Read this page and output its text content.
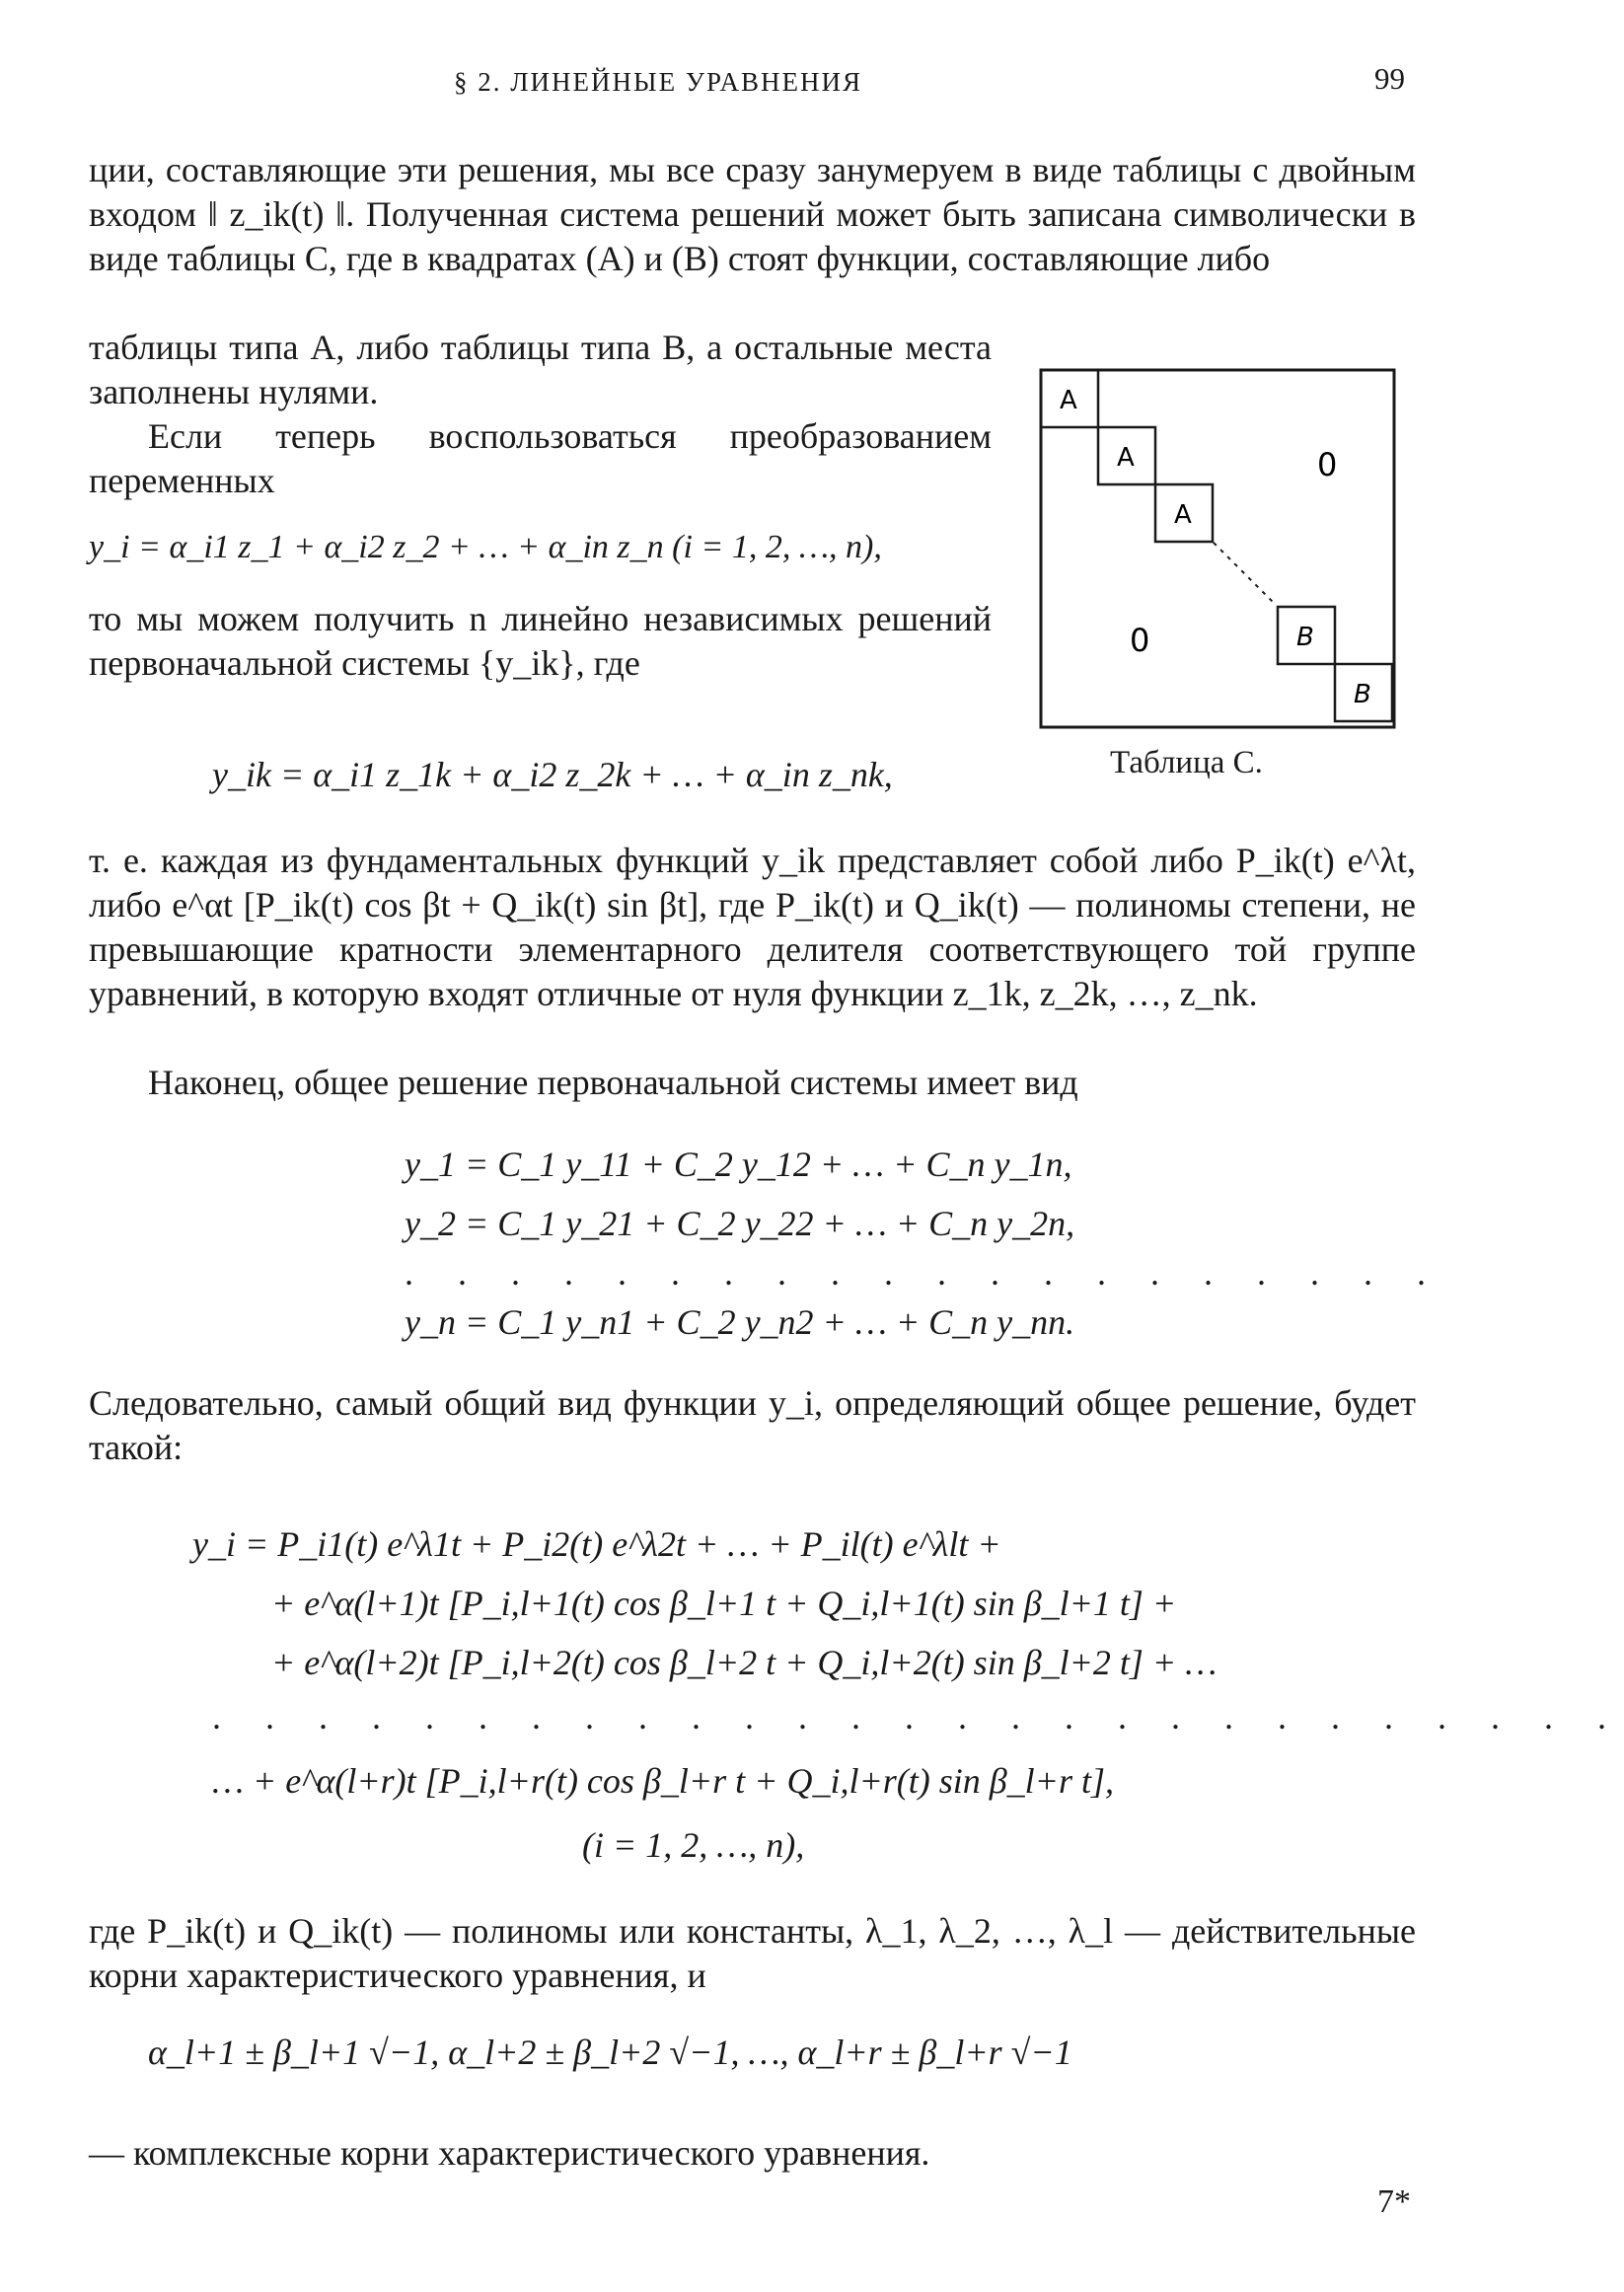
§ 2. ЛИНЕЙНЫЕ УРАВНЕНИЯ	99

ции, составляющие эти решения, мы все сразу занумеруем в виде таблицы с двойным входом ‖ z_ik(t) ‖. Полученная система решений может быть записана символически в виде таблицы C, где в квадратах (A) и (B) стоят функции, составляющие либо

таблицы типа A, либо таблицы типа B, а остальные места заполнены нулями.

Если теперь воспользоваться преобразованием переменных

y_i = α_i1 z_1 + α_i2 z_2 + … + α_in z_n (i = 1, 2, …, n),

то мы можем получить n линейно независимых решений первоначальной системы {y_ik}, где

y_ik = α_i1 z_1k + α_i2 z_2k + … + α_in z_nk,
A
A
A
B
B
0
0
Таблица C.

т. е. каждая из фундаментальных функций y_ik представляет собой либо P_ik(t) e^λt, либо e^αt [P_ik(t) cos βt + Q_ik(t) sin βt], где P_ik(t) и Q_ik(t) — полиномы степени, не превышающие кратности элементарного делителя соответствующего той группе уравнений, в которую входят отличные от нуля функции z_1k, z_2k, …, z_nk.

Наконец, общее решение первоначальной системы имеет вид

y_1 = C_1 y_11 + C_2 y_12 + … + C_n y_1n,
y_2 = C_1 y_21 + C_2 y_22 + … + C_n y_2n,
. . . . . . . . . . . . . . . . . . . .
y_n = C_1 y_n1 + C_2 y_n2 + … + C_n y_nn.

Следовательно, самый общий вид функции y_i, определяющий общее решение, будет такой:

y_i = P_i1(t) e^λ1t + P_i2(t) e^λ2t + … + P_il(t) e^λlt +
+ e^α(l+1)t [P_i,l+1(t) cos β_l+1 t + Q_i,l+1(t) sin β_l+1 t] +
+ e^α(l+2)t [P_i,l+2(t) cos β_l+2 t + Q_i,l+2(t) sin β_l+2 t] + …
. . . . . . . . . . . . . . . . . . . . . . . . . . .
… + e^α(l+r)t [P_i,l+r(t) cos β_l+r t + Q_i,l+r(t) sin β_l+r t],
(i = 1, 2, …, n),

где P_ik(t) и Q_ik(t) — полиномы или константы, λ_1, λ_2, …, λ_l — действительные корни характеристического уравнения, и

α_l+1 ± β_l+1 √−1, α_l+2 ± β_l+2 √−1, …, α_l+r ± β_l+r √−1

— комплексные корни характеристического уравнения.

7*
